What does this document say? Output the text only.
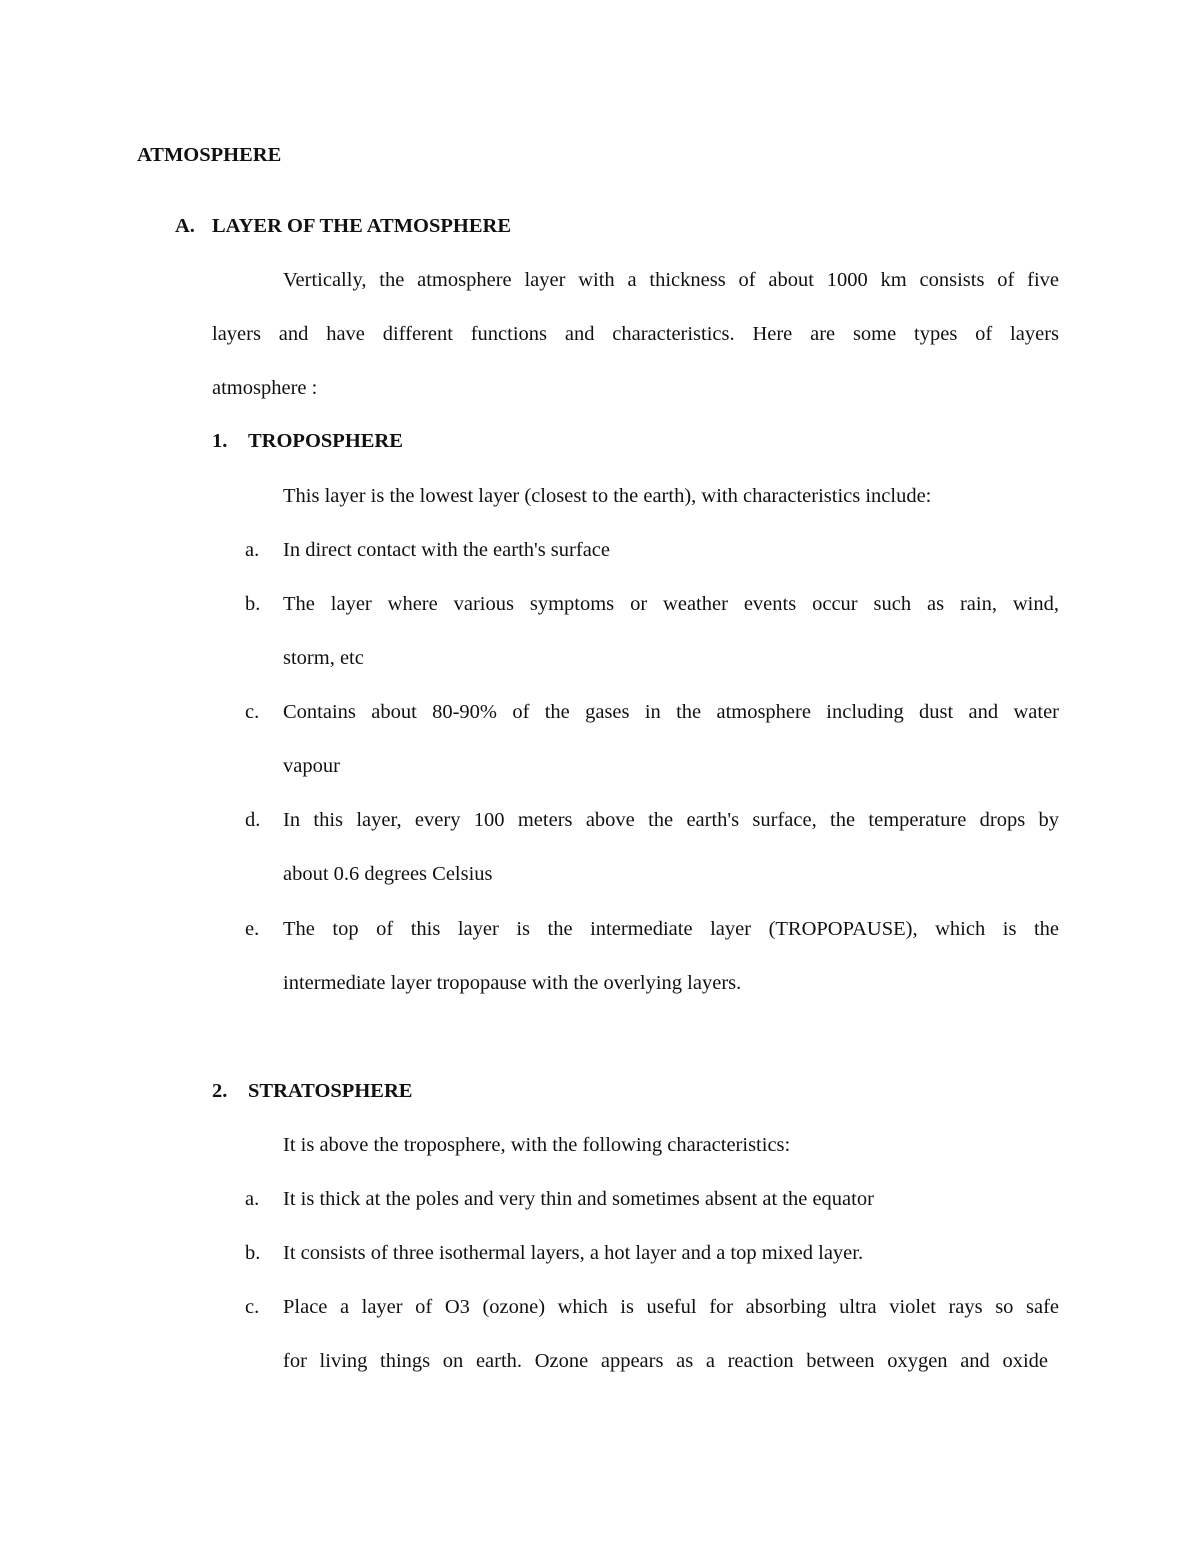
ATMOSPHERE
A. LAYER OF THE ATMOSPHERE
Vertically, the atmosphere layer with a thickness of about 1000 km consists of five
layers and have different functions and characteristics. Here are some types of layers
atmosphere :
1. TROPOSPHERE
This layer is the lowest layer (closest to the earth), with characteristics include:
a. In direct contact with the earth's surface
b. The layer where various symptoms or weather events occur such as rain, wind,
storm, etc
c. Contains about 80-90% of the gases in the atmosphere including dust and water
vapour
d. In this layer, every 100 meters above the earth's surface, the temperature drops by
about 0.6 degrees Celsius
e. The top of this layer is the intermediate layer (TROPOPAUSE), which is the
intermediate layer tropopause with the overlying layers.
2. STRATOSPHERE
It is above the troposphere, with the following characteristics:
a. It is thick at the poles and very thin and sometimes absent at the equator
b. It consists of three isothermal layers, a hot layer and a top mixed layer.
c. Place a layer of O3 (ozone) which is useful for absorbing ultra violet rays so safe
for living things on earth. Ozone appears as a reaction between oxygen and oxide
